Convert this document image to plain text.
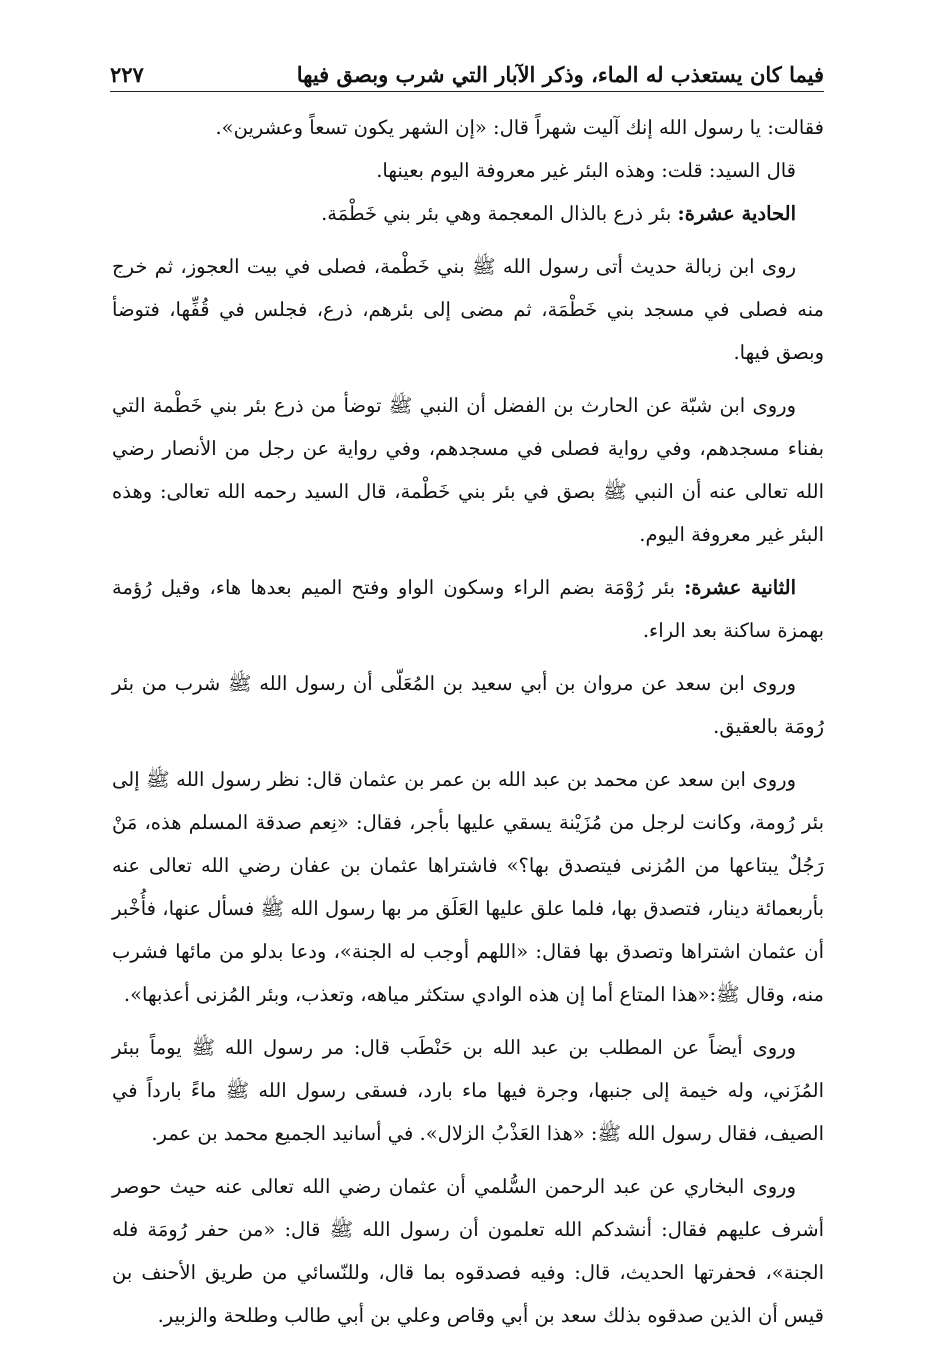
فيما كان يستعذب له الماء، وذكر الآبار التي شرب وبصق فيها
٢٢٧

فقالت: يا رسول الله إنك آليت شهراً قال: «إن الشهر يكون تسعاً وعشرين».

قال السيد: قلت: وهذه البئر غير معروفة اليوم بعينها.

الحادية عشرة: بئر ذرع بالذال المعجمة وهي بئر بني خَطْمَة.

روى ابن زبالة حديث أتى رسول الله ﷺ بني خَطْمة، فصلى في بيت العجوز، ثم خرج منه فصلى في مسجد بني خَطْمَة، ثم مضى إلى بئرهم، ذرع، فجلس في قُفِّها، فتوضأ وبصق فيها.

وروى ابن شبّة عن الحارث بن الفضل أن النبي ﷺ توضأ من ذرع بئر بني خَطْمة التي بفناء مسجدهم، وفي رواية فصلى في مسجدهم، وفي رواية عن رجل من الأنصار رضي الله تعالى عنه أن النبي ﷺ بصق في بئر بني خَطْمة، قال السيد رحمه الله تعالى: وهذه البئر غير معروفة اليوم.

الثانية عشرة: بئر رُوْمَة بضم الراء وسكون الواو وفتح الميم بعدها هاء، وقيل رُؤمة بهمزة ساكنة بعد الراء.

وروى ابن سعد عن مروان بن أبي سعيد بن المُعَلّى أن رسول الله ﷺ شرب من بئر رُومَة بالعقيق.

وروى ابن سعد عن محمد بن عبد الله بن عمر بن عثمان قال: نظر رسول الله ﷺ إلى بئر رُومة، وكانت لرجل من مُزَيْنة يسقي عليها بأجر، فقال: «نِعم صدقة المسلم هذه، مَنْ رَجُلٌ يبتاعها من المُزنى فيتصدق بها؟» فاشتراها عثمان بن عفان رضي الله تعالى عنه بأربعمائة دينار، فتصدق بها، فلما علق عليها العَلَق مر بها رسول الله ﷺ فسأل عنها، فأُخْبر أن عثمان اشتراها وتصدق بها فقال: «اللهم أوجب له الجنة»، ودعا بدلو من مائها فشرب منه، وقال ﷺ:«هذا المتاع أما إن هذه الوادي ستكثر مياهه، وتعذب، وبئر المُزنى أعذبها».

وروى أيضاً عن المطلب بن عبد الله بن حَنْطَب قال: مر رسول الله ﷺ يوماً ببئر المُزَني، وله خيمة إلى جنبها، وجرة فيها ماء بارد، فسقى رسول الله ﷺ ماءً بارداً في الصيف، فقال رسول الله ﷺ: «هذا العَذْبُ الزلال». في أسانيد الجميع محمد بن عمر.

وروى البخاري عن عبد الرحمن السُّلمي أن عثمان رضي الله تعالى عنه حيث حوصر أشرف عليهم فقال: أنشدكم الله تعلمون أن رسول الله ﷺ قال: «من حفر رُومَة فله الجنة»، فحفرتها الحديث، قال: وفيه فصدقوه بما قال، وللنّسائي من طريق الأحنف بن قيس أن الذين صدقوه بذلك سعد بن أبي وقاص وعلي بن أبي طالب وطلحة والزبير.
